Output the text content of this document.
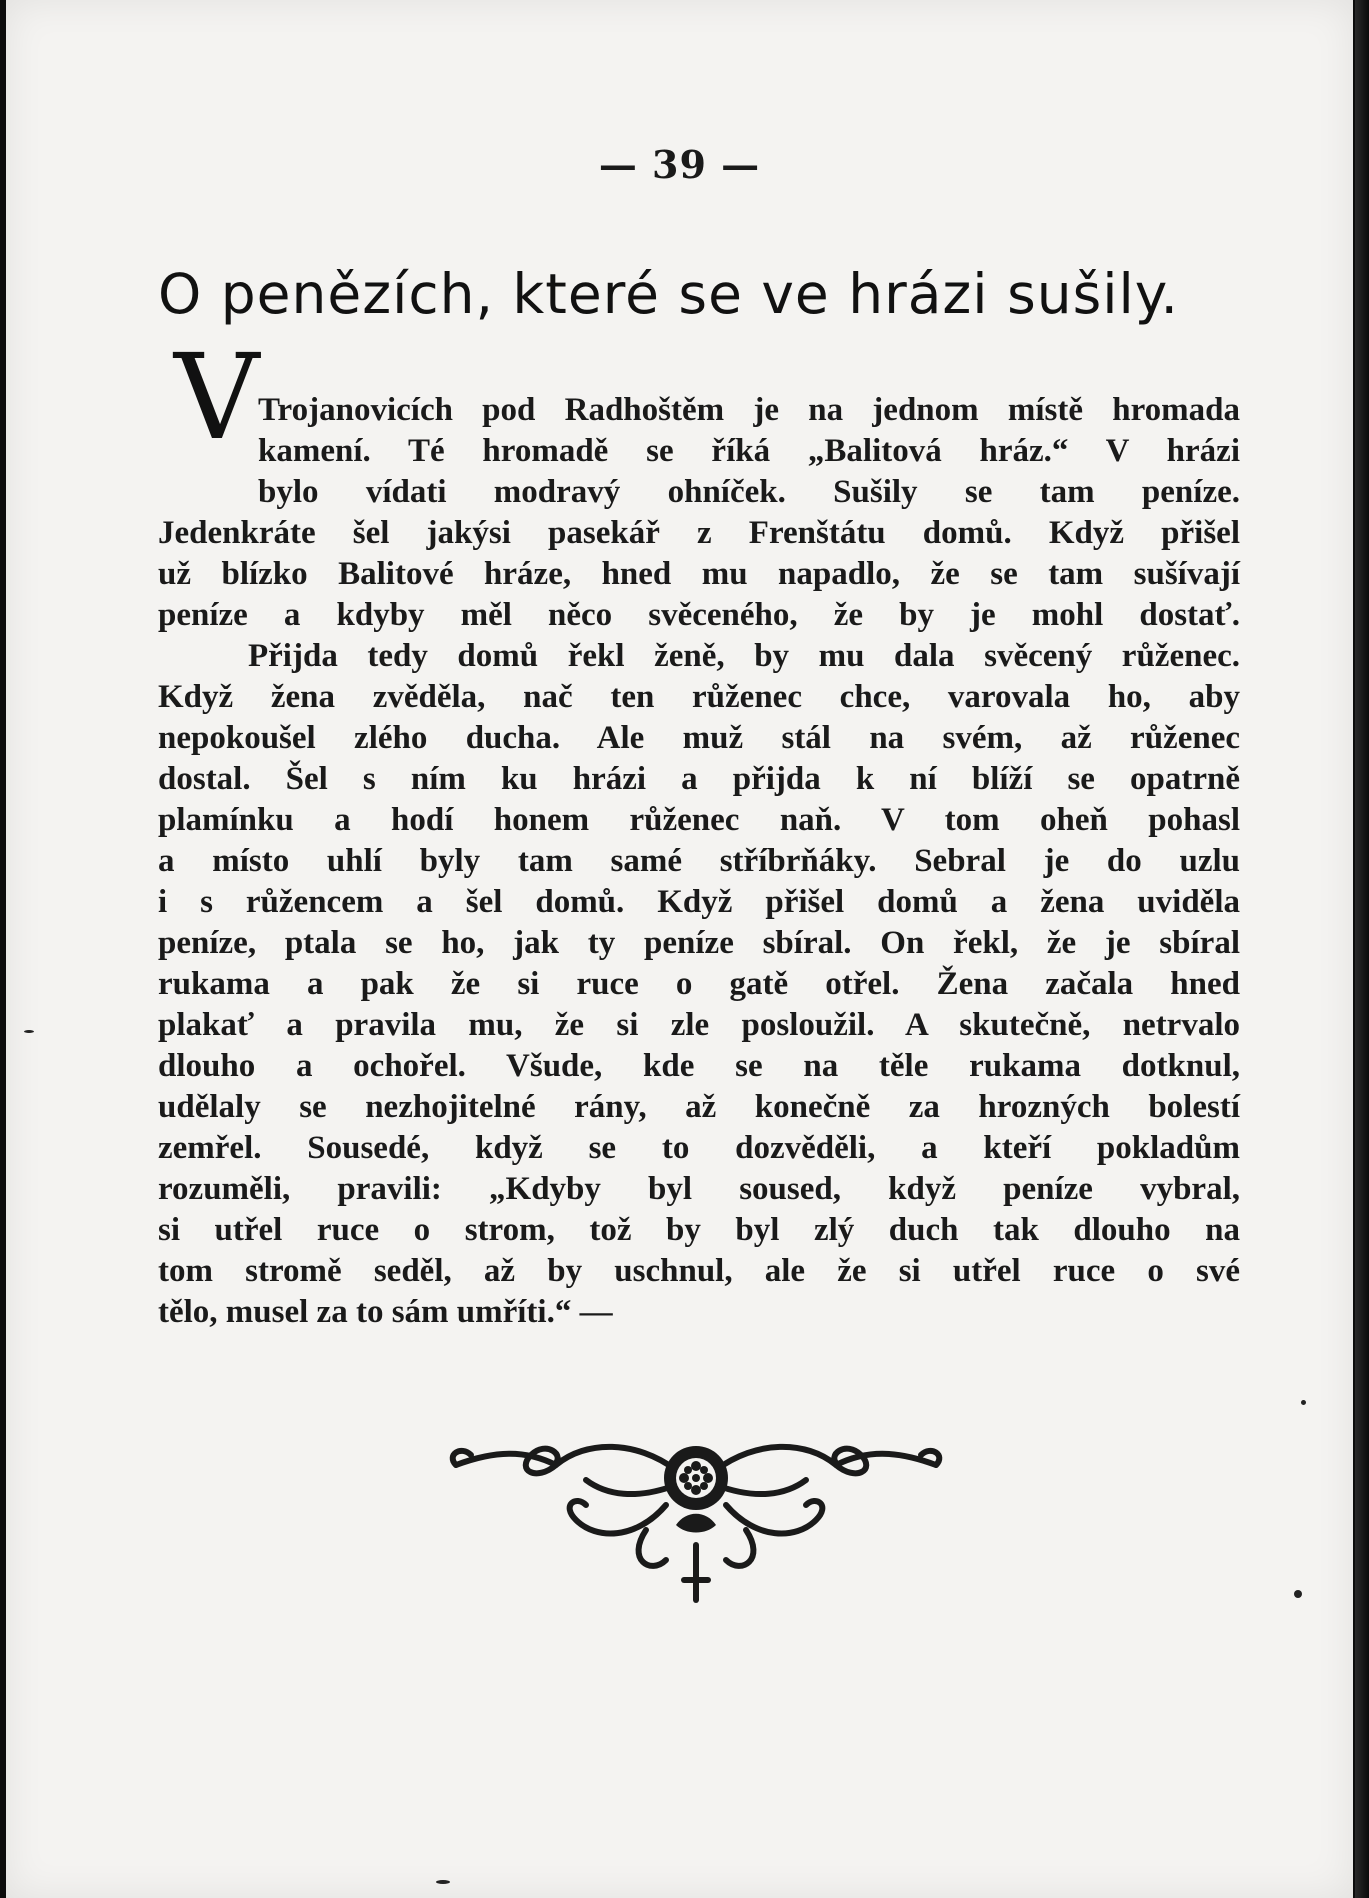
— 39 —
O penězích, které se ve hrázi sušily.
V
Trojanovicích pod Radhoštěm je na jednom místě hromada
kamení. Té hromadě se říká „Balitová hráz.“ V hrázi
bylo vídati modravý ohníček. Sušily se tam peníze.
Jedenkráte šel jakýsi pasekář z Frenštátu domů. Když přišel
už blízko Balitové hráze, hned mu napadlo, že se tam sušívají
peníze a kdyby měl něco svěceného, že by je mohl dostať.
Přijda tedy domů řekl ženě, by mu dala svěcený růženec.
Když žena zvěděla, nač ten růženec chce, varovala ho, aby
nepokoušel zlého ducha. Ale muž stál na svém, až růženec
dostal. Šel s ním ku hrázi a přijda k ní blíží se opatrně
plamínku a hodí honem růženec naň. V tom oheň pohasl
a místo uhlí byly tam samé stříbrňáky. Sebral je do uzlu
i s růžencem a šel domů. Když přišel domů a žena uviděla
peníze, ptala se ho, jak ty peníze sbíral. On řekl, že je sbíral
rukama a pak že si ruce o gatě otřel. Žena začala hned
plakať a pravila mu, že si zle posloužil. A skutečně, netrvalo
dlouho a ochořel. Všude, kde se na těle rukama dotknul,
udělaly se nezhojitelné rány, až konečně za hrozných bolestí
zemřel. Sousedé, když se to dozvěděli, a kteří pokladům
rozuměli, pravili: „Kdyby byl soused, když peníze vybral,
si utřel ruce o strom, tož by byl zlý duch tak dlouho na
tom stromě seděl, až by uschnul, ale že si utřel ruce o své
tělo, musel za to sám umříti.“ —
